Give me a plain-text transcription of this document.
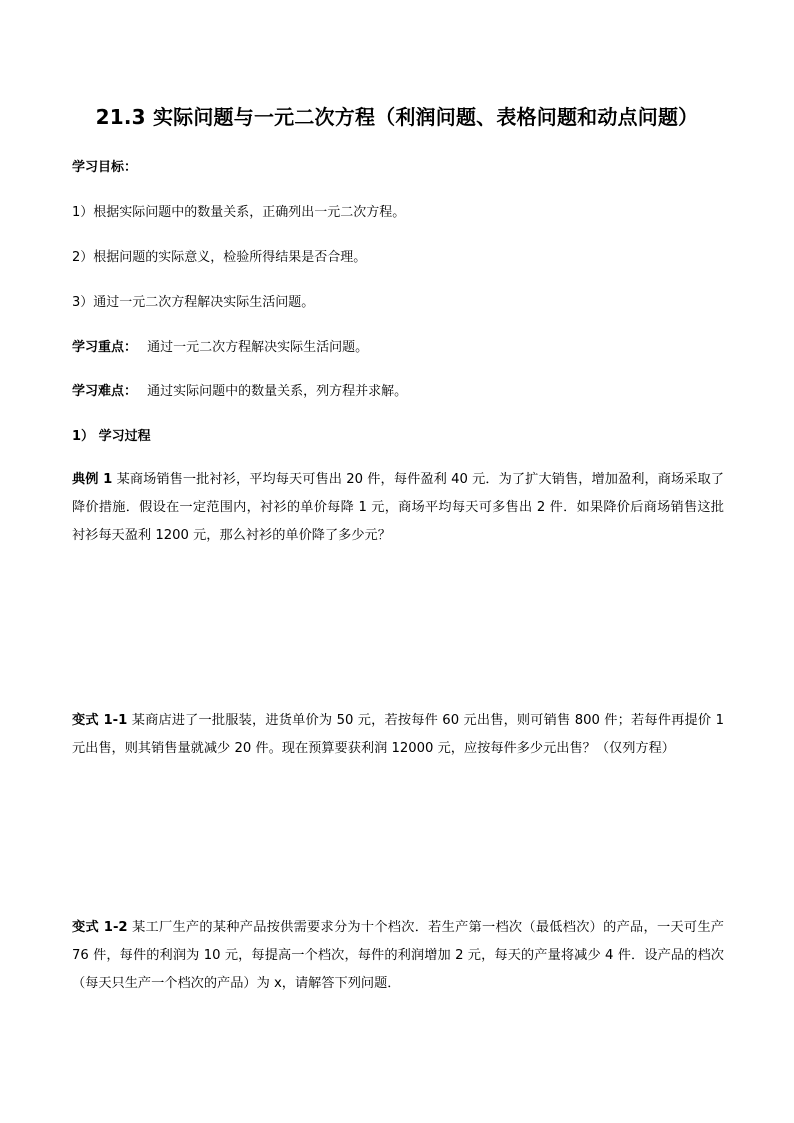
21.3 实际问题与一元二次方程（利润问题、表格问题和动点问题）
学习目标：
1）根据实际问题中的数量关系，正确列出一元二次方程。
2）根据问题的实际意义，检验所得结果是否合理。
3）通过一元二次方程解决实际生活问题。
学习重点： 通过一元二次方程解决实际生活问题。
学习难点： 通过实际问题中的数量关系，列方程并求解。
1） 学习过程
典例 1 某商场销售一批衬衫，平均每天可售出 20 件，每件盈利 40 元．为了扩大销售，增加盈利，商场采取了降价措施．假设在一定范围内，衬衫的单价每降 1 元，商场平均每天可多售出 2 件．如果降价后商场销售这批衬衫每天盈利 1200 元，那么衬衫的单价降了多少元？
变式 1-1 某商店进了一批服装，进货单价为 50 元，若按每件 60 元出售，则可销售 800 件；若每件再提价 1 元出售，则其销售量就减少 20 件。现在预算要获利润 12000 元，应按每件多少元出售？（仅列方程）
变式 1-2 某工厂生产的某种产品按供需要求分为十个档次．若生产第一档次（最低档次）的产品，一天可生产 76 件，每件的利润为 10 元，每提高一个档次，每件的利润增加 2 元，每天的产量将减少 4 件．设产品的档次（每天只生产一个档次的产品）为 x，请解答下列问题．
